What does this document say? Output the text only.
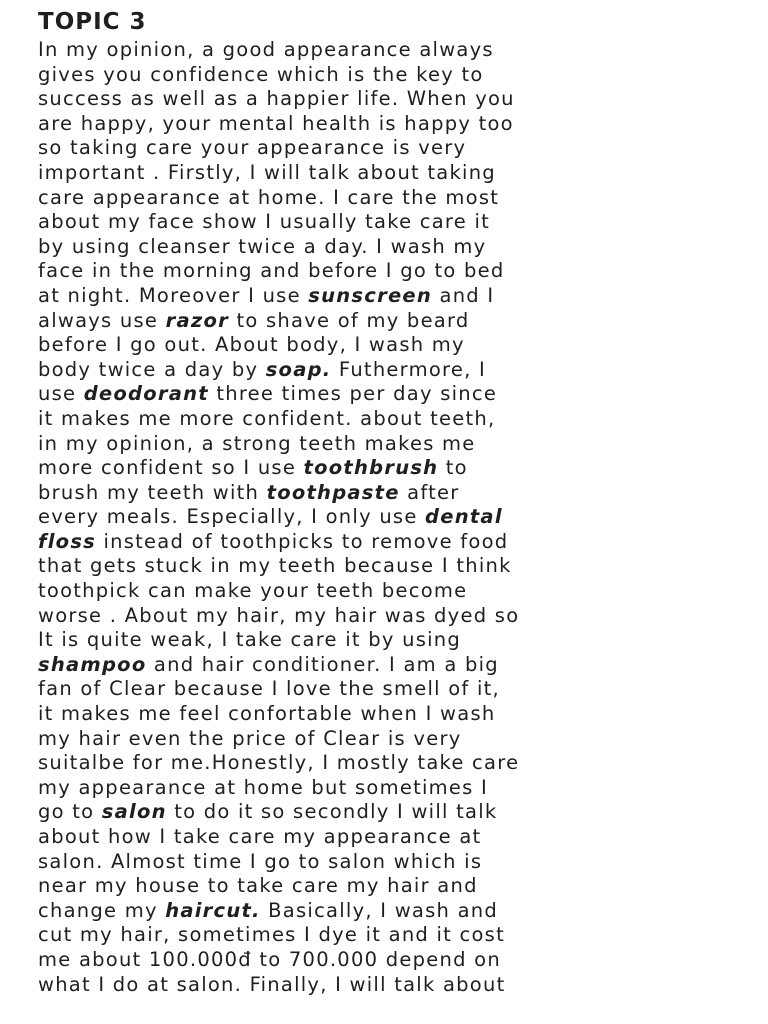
TOPIC 3
In my opinion, a good appearance always
gives you confidence which is the key to
success as well as a happier life. When you
are happy, your mental health is happy too
so taking care your appearance is very
important . Firstly, I will talk about taking
care appearance at home. I care the most
about my face show I usually take care it
by using cleanser twice a day. I wash my
face in the morning and before I go to bed
at night. Moreover I use sunscreen and I
always use razor to shave of my beard
before I go out. About body, I wash my
body twice a day by soap. Futhermore, I
use deodorant three times per day since
it makes me more confident. about teeth,
in my opinion, a strong teeth makes me
more confident so I use toothbrush to
brush my teeth with toothpaste after
every meals. Especially, I only use dental
floss instead of toothpicks to remove food
that gets stuck in my teeth because I think
toothpick can make your teeth become
worse . About my hair, my hair was dyed so
It is quite weak, I take care it by using
shampoo and hair conditioner. I am a big
fan of Clear because I love the smell of it,
it makes me feel confortable when I wash
my hair even the price of Clear is very
suitalbe for me.Honestly, I mostly take care
my appearance at home but sometimes I
go to salon to do it so secondly I will talk
about how I take care my appearance at
salon. Almost time I go to salon which is
near my house to take care my hair and
change my haircut. Basically, I wash and
cut my hair, sometimes I dye it and it cost
me about 100.000đ to 700.000 depend on
what I do at salon. Finally, I will talk about
